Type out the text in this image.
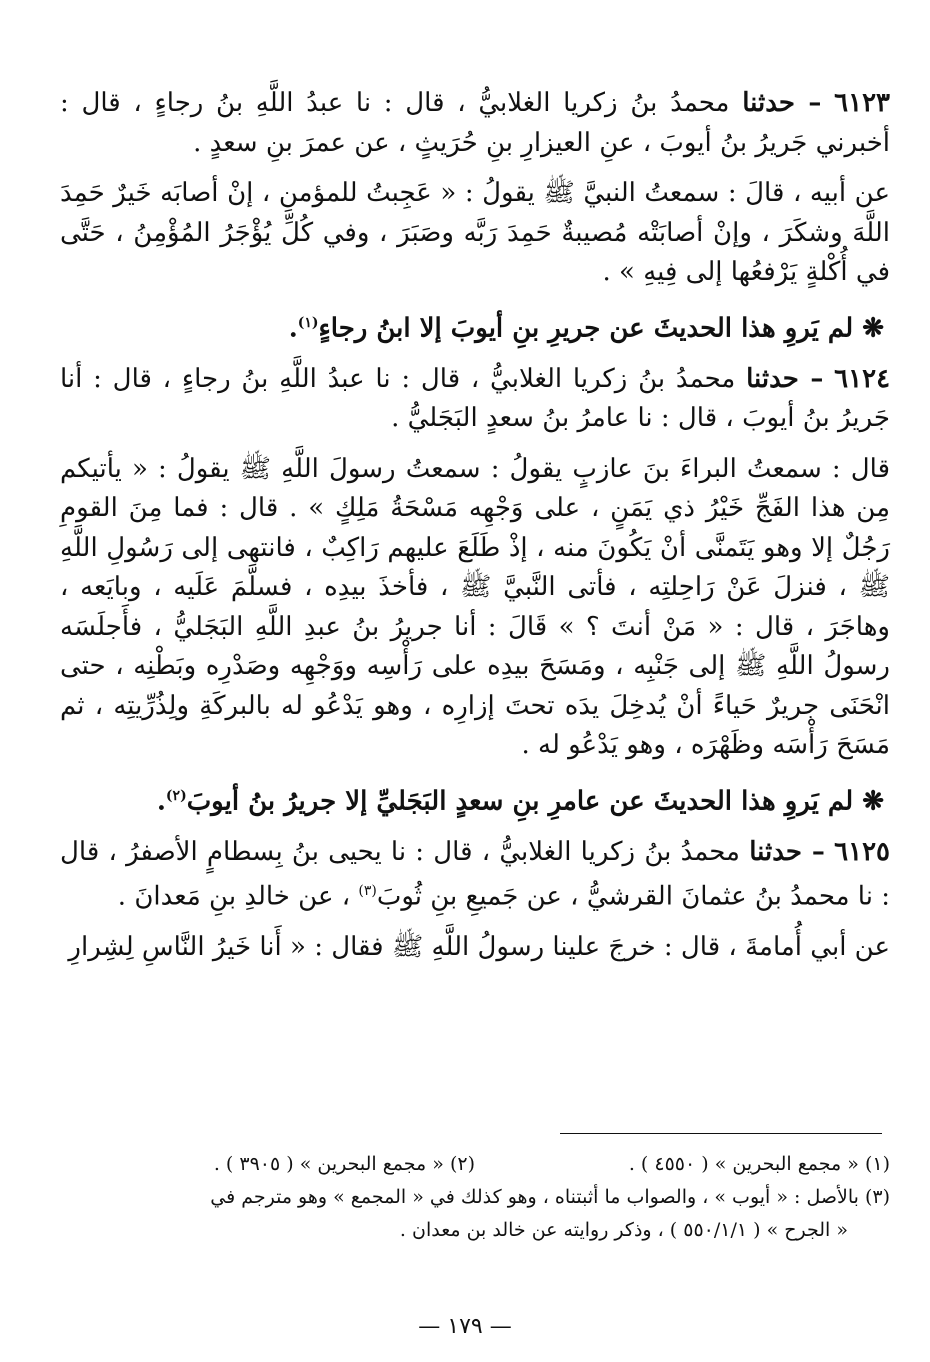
٦١٢٣ – حدثنا محمدُ بنُ زكريا الغلابيُّ ، قال : نا عبدُ اللَّهِ بنُ رجاءٍ ، قال : أخبرني جَريرُ بنُ أيوبَ ، عنِ العيزارِ بنِ حُرَيثٍ ، عن عمرَ بنِ سعدٍ .

عن أبيه ، قالَ : سمعتُ النبيَّ ﷺ يقولُ : « عَجِبتُ للمؤمنِ ، إنْ أصابَه خَيرٌ حَمِدَ اللَّهَ وشكَرَ ، وإنْ أصابَتْه مُصيبةٌ حَمِدَ رَبَّه وصَبَرَ ، وفي كُلِّ يُؤْجَرُ المُؤْمِنُ ، حَتَّى في أُكْلةٍ يَرْفعُها إلى فِيهِ » .

❋ لم يَروِ هذا الحديثَ عن جريرِ بنِ أيوبَ إلا ابنُ رجاءٍ$^{(١)}$.

٦١٢٤ – حدثنا محمدُ بنُ زكريا الغلابيُّ ، قال : نا عبدُ اللَّهِ بنُ رجاءٍ ، قال : أنا جَريرُ بنُ أيوبَ ، قال : نا عامرُ بنُ سعدٍ البَجَليُّ .

قال : سمعتُ البراءَ بنَ عازبٍ يقولُ : سمعتُ رسولَ اللَّهِ ﷺ يقولُ : « يأتيكم مِن هذا الفَجِّ خَيْرُ ذي يَمَنٍ ، على وَجْهِه مَسْحَةُ مَلِكٍ » . قال : فما مِنَ القومِ رَجُلٌ إلا وهو يَتَمنَّى أنْ يَكُونَ منه ، إذْ طَلَعَ عليهم رَاكِبٌ ، فانتهى إلى رَسُولِ اللَّهِ ﷺ ، فنزلَ عَنْ رَاحِلتِه ، فأتى النَّبيَّ ﷺ ، فأخذَ بيدِه ، فسلَّمَ عَلَيه ، وبايَعه ، وهاجَرَ ، قال : « مَنْ أنتَ ؟ » قَالَ : أنا جريرُ بنُ عبدِ اللَّهِ البَجَليُّ ، فأَجلَسَه رسولُ اللَّهِ ﷺ إلى جَنْبِه ، ومَسَحَ بيدِه على رَأْسِه ووَجْهِه وصَدْرِه وبَطْنِه ، حتى انْحَنَى جريرٌ حَياءً أنْ يُدخِلَ يدَه تحتَ إزارِه ، وهو يَدْعُو له بالبركَةِ ولِذُرِّيتِه ، ثم مَسَحَ رَأْسَه وظَهْرَه ، وهو يَدْعُو له .

❋ لم يَروِ هذا الحديثَ عن عامرِ بنِ سعدٍ البَجَليِّ إلا جريرُ بنُ أيوبَ$^{(٢)}$.

٦١٢٥ – حدثنا محمدُ بنُ زكريا الغلابيُّ ، قال : نا يحيى بنُ بِسطامٍ الأصفرُ ، قال : نا محمدُ بنُ عثمانَ القرشيُّ ، عن جَميعِ بنِ ثُوبَ$^{(٣)}$ ، عن خالدِ بنِ مَعدانَ .

عن أبي أُمامةَ ، قال : خرجَ علينا رسولُ اللَّهِ ﷺ فقال : « أَنا خَيرُ النَّاسِ لِشِرارِ

(١) « مجمع البحرين » ( ٤٥٥٠ ) .
(٢) « مجمع البحرين » ( ٣٩٠٥ ) .
(٣) بالأصل : « أيوب » ، والصواب ما أثبتناه ، وهو كذلك في « المجمع » وهو مترجم في
« الجرح » ( ٥٥٠/١/١ ) ، وذكر روايته عن خالد بن معدان .
— ١٧٩ —
